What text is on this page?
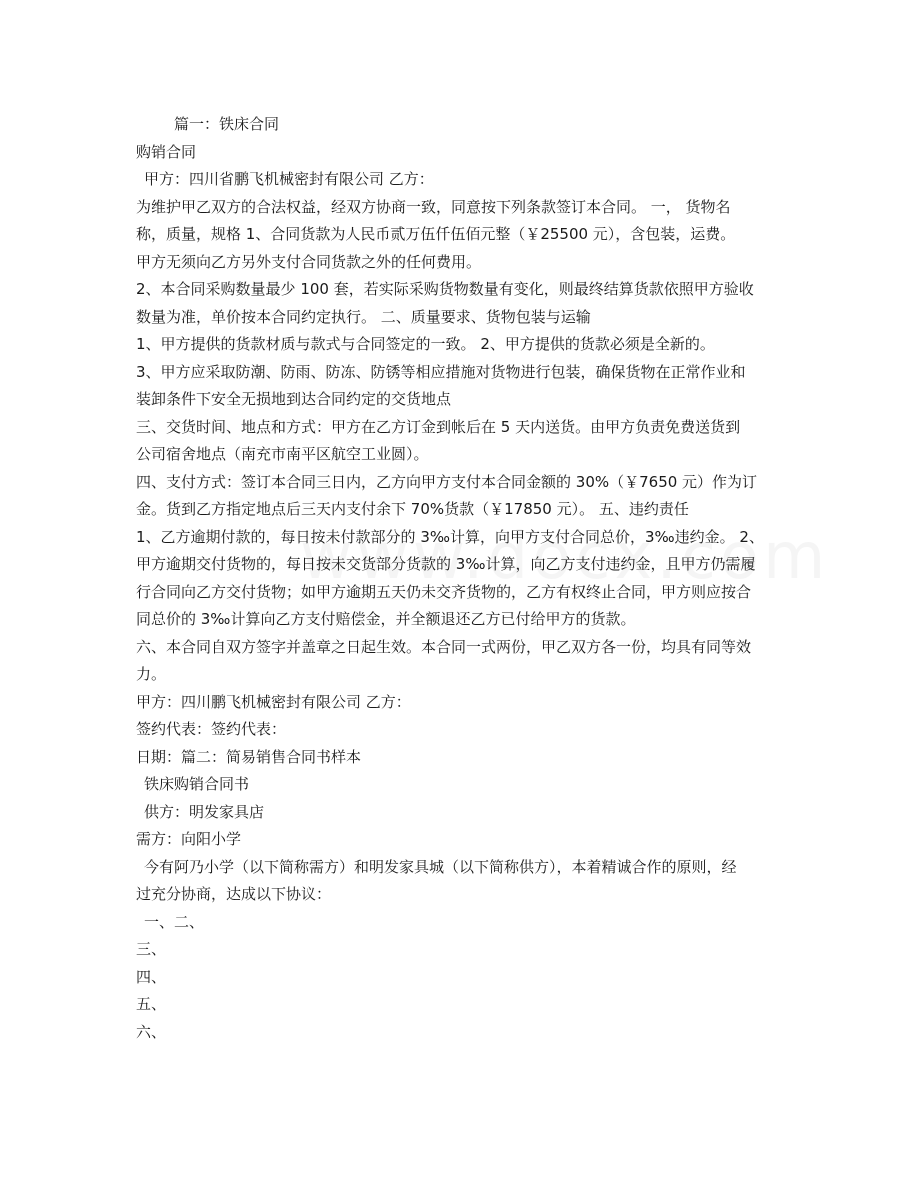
篇一：铁床合同
购销合同
甲方：四川省鹏飞机械密封有限公司 乙方：
为维护甲乙双方的合法权益，经双方协商一致，同意按下列条款签订本合同。 一， 货物名
称，质量，规格 1、合同货款为人民币贰万伍仟伍佰元整（￥25500 元），含包装，运费。
甲方无须向乙方另外支付合同货款之外的任何费用。
2、本合同采购数量最少 100 套，若实际采购货物数量有变化，则最终结算货款依照甲方验收
数量为准，单价按本合同约定执行。 二、质量要求、货物包装与运输
1、甲方提供的货款材质与款式与合同签定的一致。 2、甲方提供的货款必须是全新的。
3、甲方应采取防潮、防雨、防冻、防锈等相应措施对货物进行包装，确保货物在正常作业和
装卸条件下安全无损地到达合同约定的交货地点
三、交货时间、地点和方式：甲方在乙方订金到帐后在 5 天内送货。由甲方负责免费送货到
公司宿舍地点（南充市南平区航空工业圆）。
四、支付方式：签订本合同三日内，乙方向甲方支付本合同金额的 30%（￥7650 元）作为订
金。货到乙方指定地点后三天内支付余下 70%货款（￥17850 元）。 五、违约责任
1、乙方逾期付款的，每日按未付款部分的 3‰计算，向甲方支付合同总价，3‰违约金。 2、
甲方逾期交付货物的，每日按未交货部分货款的 3‰计算，向乙方支付违约金，且甲方仍需履
行合同向乙方交付货物；如甲方逾期五天仍未交齐货物的，乙方有权终止合同，甲方则应按合
同总价的 3‰计算向乙方支付赔偿金，并全额退还乙方已付给甲方的货款。
六、本合同自双方签字并盖章之日起生效。本合同一式两份，甲乙双方各一份，均具有同等效
力。
甲方：四川鹏飞机械密封有限公司 乙方：
签约代表：签约代表：
日期：篇二：简易销售合同书样本
铁床购销合同书
供方：明发家具店
需方：向阳小学
今有阿乃小学（以下简称需方）和明发家具城（以下简称供方），本着精诚合作的原则，经
过充分协商，达成以下协议：
一、二、
三、
四、
五、
六、
